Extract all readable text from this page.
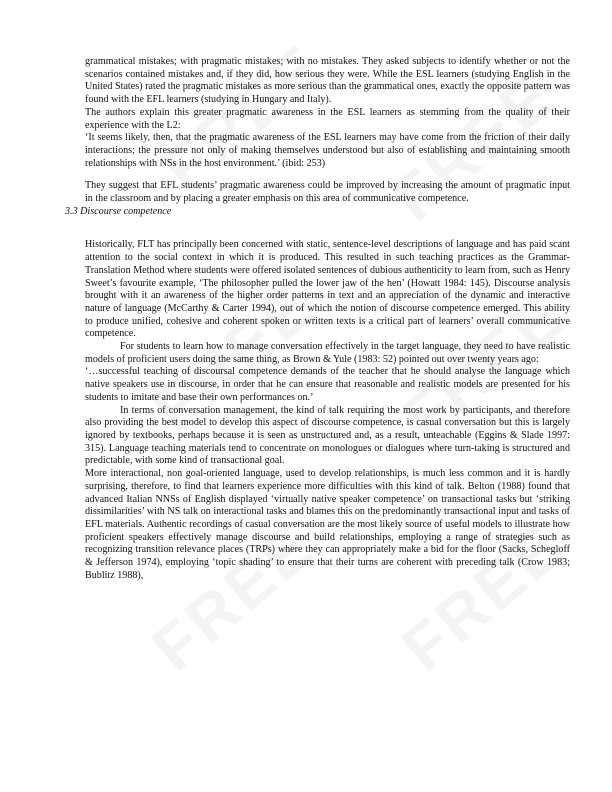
grammatical mistakes; with pragmatic mistakes; with no mistakes. They asked subjects to identify whether or not the scenarios contained mistakes and, if they did, how serious they were. While the ESL learners (studying English in the United States) rated the pragmatic mistakes as more serious than the grammatical ones, exactly the opposite pattern was found with the EFL learners (studying in Hungary and Italy).

The authors explain this greater pragmatic awareness in the ESL learners as stemming from the quality of their experience with the L2:

‘It seems likely, then, that the pragmatic awareness of the ESL learners may have come from the friction of their daily interactions; the pressure not only of making themselves understood but also of establishing and maintaining smooth relationships with NSs in the host environment.’ (ibid: 253)

They suggest that EFL students’ pragmatic awareness could be improved by increasing the amount of pragmatic input in the classroom and by placing a greater emphasis on this area of communicative competence.

3.3 Discourse competence

Historically, FLT has principally been concerned with static, sentence-level descriptions of language and has paid scant attention to the social context in which it is produced. This resulted in such teaching practices as the Grammar-Translation Method where students were offered isolated sentences of dubious authenticity to learn from, such as Henry Sweet’s favourite example, ‘The philosopher pulled the lower jaw of the hen’ (Howatt 1984: 145). Discourse analysis brought with it an awareness of the higher order patterns in text and an appreciation of the dynamic and interactive nature of language (McCarthy & Carter 1994), out of which the notion of discourse competence emerged. This ability to produce unified, cohesive and coherent spoken or written texts is a critical part of learners’ overall communicative competence.

For students to learn how to manage conversation effectively in the target language, they need to have realistic models of proficient users doing the same thing, as Brown & Yule (1983: 52) pointed out over twenty years ago:

‘…successful teaching of discoursal competence demands of the teacher that he should analyse the language which native speakers use in discourse, in order that he can ensure that reasonable and realistic models are presented for his students to imitate and base their own performances on.’

In terms of conversation management, the kind of talk requiring the most work by participants, and therefore also providing the best model to develop this aspect of discourse competence, is casual conversation but this is largely ignored by textbooks, perhaps because it is seen as unstructured and, as a result, unteachable (Eggins & Slade 1997: 315). Language teaching materials tend to concentrate on monologues or dialogues where turn-taking is structured and predictable, with some kind of transactional goal.

More interactional, non goal-oriented language, used to develop relationships, is much less common and it is hardly surprising, therefore, to find that learners experience more difficulties with this kind of talk. Belton (1988) found that advanced Italian NNSs of English displayed ‘virtually native speaker competence’ on transactional tasks but ‘striking dissimilarities’ with NS talk on interactional tasks and blames this on the predominantly transactional input and tasks of EFL materials. Authentic recordings of casual conversation are the most likely source of useful models to illustrate how proficient speakers effectively manage discourse and build relationships, employing a range of strategies such as recognizing transition relevance places (TRPs) where they can appropriately make a bid for the floor (Sacks, Schegloff & Jefferson 1974), employing ‘topic shading’ to ensure that their turns are coherent with preceding talk (Crow 1983; Bublitz 1988),
